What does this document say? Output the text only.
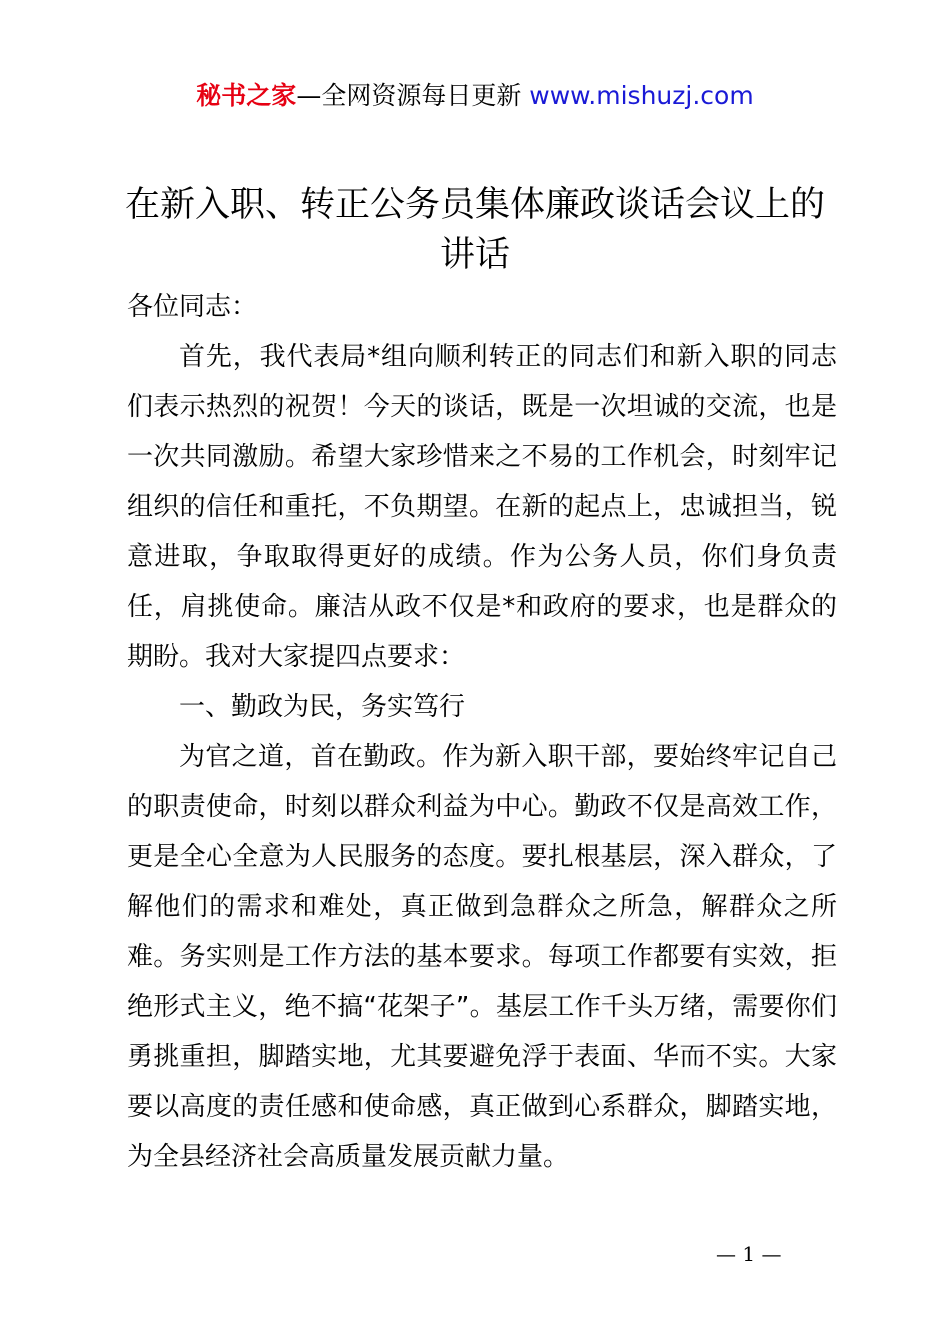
秘书之家—全网资源每日更新 www.mishuzj.com
在新入职、转正公务员集体廉政谈话会议上的
讲话

各位同志：

首先，我代表局*组向顺利转正的同志们和新入职的同志们表示热烈的祝贺！今天的谈话，既是一次坦诚的交流，也是一次共同激励。希望大家珍惜来之不易的工作机会，时刻牢记组织的信任和重托，不负期望。在新的起点上，忠诚担当，锐意进取，争取取得更好的成绩。作为公务人员，你们身负责任，肩挑使命。廉洁从政不仅是*和政府的要求，也是群众的期盼。我对大家提四点要求：

一、勤政为民，务实笃行

为官之道，首在勤政。作为新入职干部，要始终牢记自己的职责使命，时刻以群众利益为中心。勤政不仅是高效工作，更是全心全意为人民服务的态度。要扎根基层，深入群众，了解他们的需求和难处，真正做到急群众之所急，解群众之所难。务实则是工作方法的基本要求。每项工作都要有实效，拒绝形式主义，绝不搞“花架子”。基层工作千头万绪，需要你们勇挑重担，脚踏实地，尤其要避免浮于表面、华而不实。大家要以高度的责任感和使命感，真正做到心系群众，脚踏实地，为全县经济社会高质量发展贡献力量。

— 1 —
